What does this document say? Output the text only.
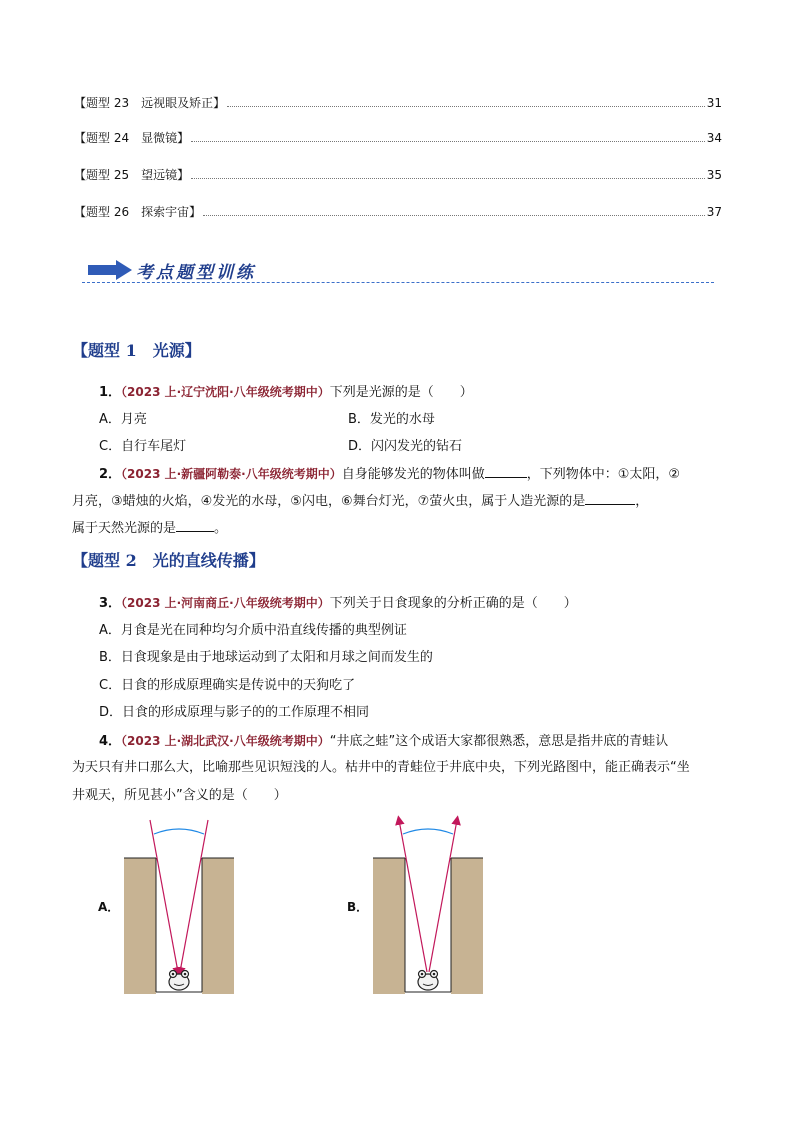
【题型 23　远视眼及矫正】	31
【题型 24　显微镜】	34
【题型 25　望远镜】	35
【题型 26　探索宇宙】	37
考点题型训练
【题型 1　光源】
1．（2023 上·辽宁沈阳·八年级统考期中）下列是光源的是（　　）
A．月亮	B．发光的水母
C．自行车尾灯	D．闪闪发光的钻石
2．（2023 上·新疆阿勒泰·八年级统考期中）自身能够发光的物体叫做	，下列物体中：①太阳，②
月亮，③蜡烛的火焰，④发光的水母，⑤闪电，⑥舞台灯光，⑦萤火虫，属于人造光源的是	，
属于天然光源的是	。
【题型 2　光的直线传播】
3．（2023 上·河南商丘·八年级统考期中）下列关于日食现象的分析正确的是（　　）
A．月食是光在同种均匀介质中沿直线传播的典型例证
B．日食现象是由于地球运动到了太阳和月球之间而发生的
C．日食的形成原理确实是传说中的天狗吃了
D．日食的形成原理与影子的的工作原理不相同
4．（2023 上·湖北武汉·八年级统考期中）“井底之蛙”这个成语大家都很熟悉，意思是指井底的青蛙认
为天只有井口那么大，比喻那些见识短浅的人。枯井中的青蛙位于井底中央，下列光路图中，能正确表示“坐
井观天，所见甚小”含义的是（　　）
A．	B．
